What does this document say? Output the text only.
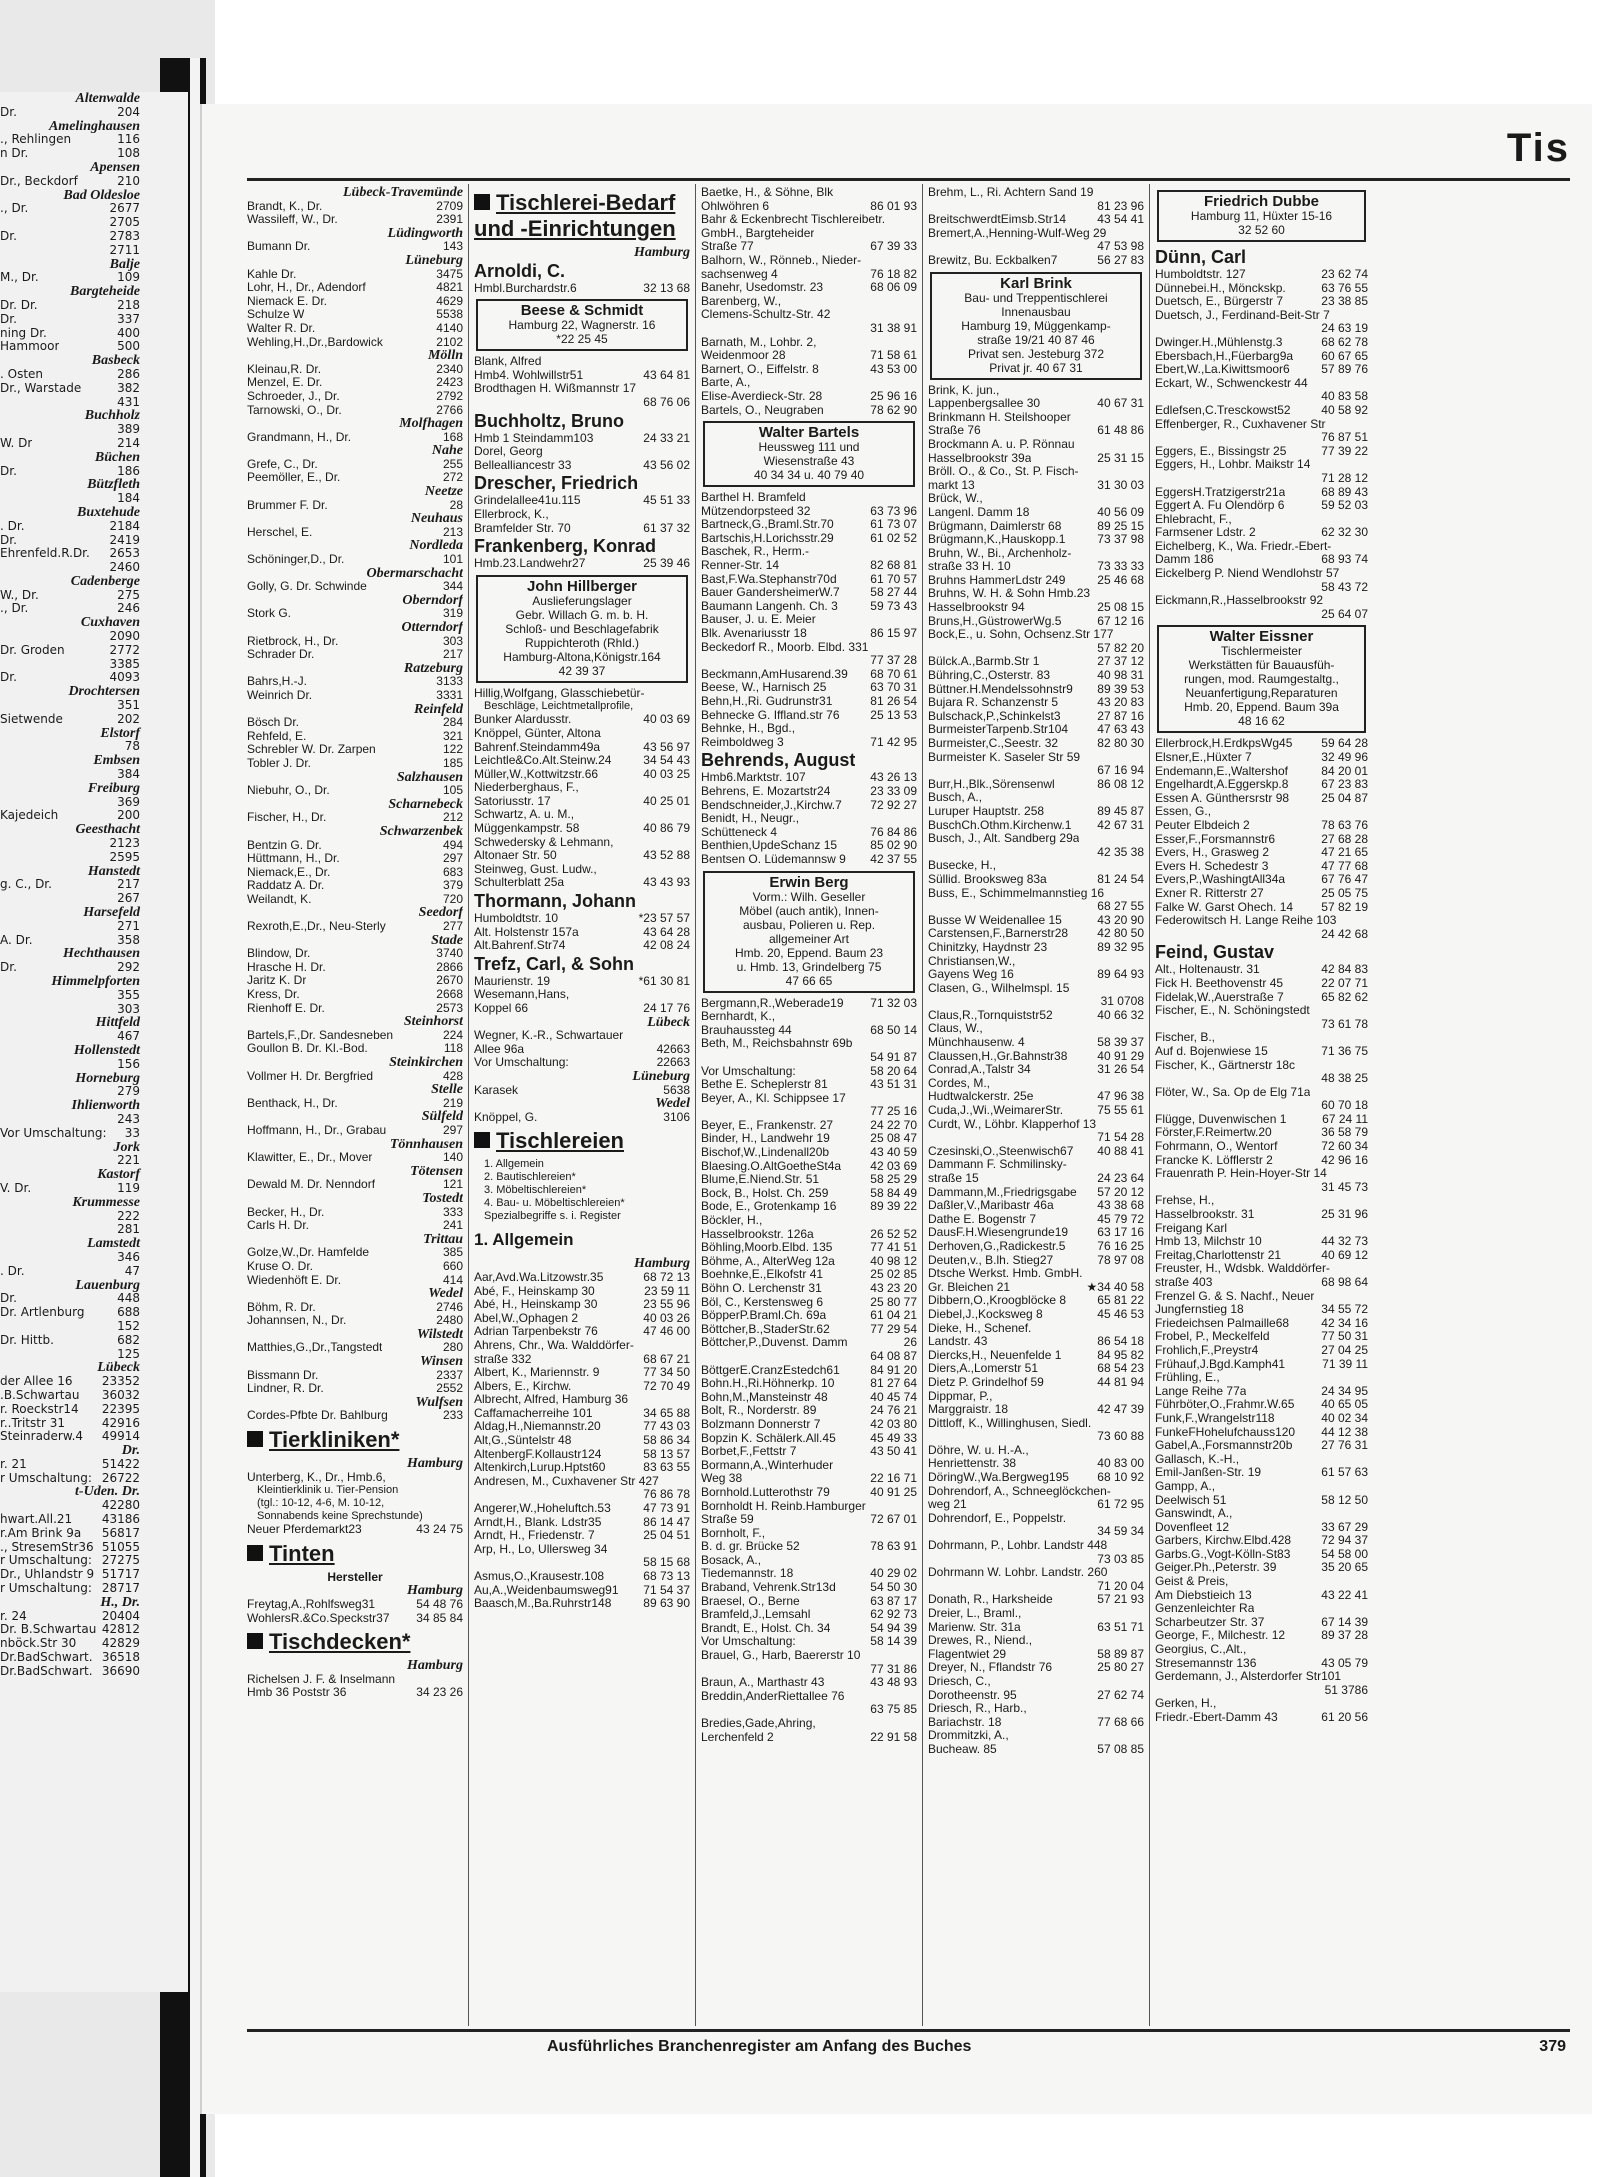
Altenwalde
Dr.	204
Amelinghausen
., Rehlingen	116
n Dr.	108
Apensen
Dr., Beckdorf	210
Bad Oldesloe
., Dr.	2677
2705
Dr.	2783
2711
Balje
M., Dr.	109
Bargteheide
Dr. Dr.	218
Dr.	337
ning Dr.	400
Hammoor	500
Basbeck
. Osten	286
Dr., Warstade	382
431
Buchholz
389
W. Dr	214
Büchen
Dr.	186
Bützfleth
184
Buxtehude
. Dr.	2184
Dr.	2419
Ehrenfeld.R.Dr.	2653
2460
Cadenberge
W., Dr.	275
., Dr.	246
Cuxhaven
2090
Dr. Groden	2772
3385
Dr.	4093
Drochtersen
351
Sietwende	202
Elstorf
78
Embsen
384
Freiburg
369
Kajedeich	200
Geesthacht
2123
2595
Hanstedt
g. C., Dr.	217
267
Harsefeld
271
A. Dr.	358
Hechthausen
Dr.	292
Himmelpforten
355
303
Hittfeld
467
Hollenstedt
156
Horneburg
279
Ihlienworth
243
Vor Umschaltung:	33
Jork
221
Kastorf
V. Dr.	119
Krummesse
222
281
Lamstedt
346
. Dr.	47
Lauenburg
Dr.	448
Dr. Artlenburg	688
152
Dr. Hittb.	682
125
Lübeck
der Allee 16	23352
.B.Schwartau	36032
r. Roeckstr14	22395
r..Tritstr 31	42916
Steinraderw.4	49914
Dr.
r. 21	51422
r Umschaltung: 26722
t-Uden. Dr.
42280
hwart.All.21	43186
r.Am Brink 9a	56817
., StresemStr36 51055
r Umschaltung: 27275
Dr., Uhlandstr 9 51717
r Umschaltung: 28717
H., Dr.
r. 24	20404
Dr. B.Schwartau 42812
nböck.Str 30	42829
Dr.BadSchwart. 36518
Dr.BadSchwart. 36690
Tis
Lübeck-Travemünde
Brandt, K., Dr.	2709
Wassileff, W., Dr.	2391
Lüdingworth
Bumann Dr.	143
Lüneburg
Kahle Dr.	3475
Lohr, H., Dr., Adendorf	4821
Niemack E. Dr.	4629
Schulze W	5538
Walter R. Dr.	4140
Wehling,H.,Dr.,Bardowick	2102
Mölln
Kleinau,R. Dr.	2340
Menzel, E. Dr.	2423
Schroeder, J., Dr.	2792
Tarnowski, O., Dr.	2766
Molfhagen
Grandmann, H., Dr.	168
Nahe
Grefe, C., Dr.	255
Peemöller, E., Dr.	272
Neetze
Brummer F. Dr.	28
Neuhaus
Herschel, E.	213
Nordleda
Schöninger,D., Dr.	101
Obermarschacht
Golly, G. Dr. Schwinde	344
Oberndorf
Stork G.	319
Otterndorf
Rietbrock, H., Dr.	303
Schrader Dr.	217
Ratzeburg
Bahrs,H.-J.	3133
Weinrich Dr.	3331
Reinfeld
Bösch Dr.	284
Rehfeld, E.	321
Schrebler W. Dr. Zarpen	122
Tobler J. Dr.	185
Salzhausen
Niebuhr, O., Dr.	105
Scharnebeck
Fischer, H., Dr.	212
Schwarzenbek
Bentzin G. Dr.	494
Hüttmann, H., Dr.	297
Niemack,E., Dr.	683
Raddatz A. Dr.	379
Weilandt, K.	720
Seedorf
Rexroth,E.,Dr., Neu-Sterly	277
Stade
Blindow, Dr.	3740
Hrasche H. Dr.	2866
Jaritz K. Dr	2670
Kress, Dr.	2668
Rienhoff E. Dr.	2573
Steinhorst
Bartels,F.,Dr. Sandesneben	224
Goullon B. Dr. Kl.-Bod.	118
Steinkirchen
Vollmer H. Dr. Bergfried	428
Stelle
Benthack, H., Dr.	219
Sülfeld
Hoffmann, H., Dr., Grabau	297
Tönnhausen
Klawitter, E., Dr., Mover	140
Tötensen
Dewald M. Dr. Nenndorf	121
Tostedt
Becker, H., Dr.	333
Carls H. Dr.	241
Trittau
Golze,W.,Dr. Hamfelde	385
Kruse O. Dr.	660
Wiedenhöft E. Dr.	414
Wedel
Böhm, R. Dr.	2746
Johannsen, N., Dr.	2480
Wilstedt
Matthies,G.,Dr.,Tangstedt	280
Winsen
Bissmann Dr.	2337
Lindner, R. Dr.	2552
Wulfsen
Cordes-Pfbte Dr. Bahlburg	233
Tierkliniken*
Hamburg
Unterberg, K., Dr., Hmb.6,
Kleintierklinik u. Tier-Pension
(tgl.: 10-12, 4-6, M. 10-12,
Sonnabends keine Sprechstunde)
Neuer Pferdemarkt23	43 24 75
Tinten
Hersteller
Hamburg
Freytag,A.,Rohlfsweg31	54 48 76
WohlersR.&Co.Speckstr37	34 85 84
Tischdecken*
Hamburg
Richelsen J. F. & Inselmann
Hmb 36 Poststr 36	34 23 26
Tischlerei-Bedarf und -Einrichtungen
Hamburg
Arnoldi, C.
Hmbl.Burchardstr.6	32 13 68
Beese & Schmidt
Hamburg 22, Wagnerstr. 16
*22 25 45
Blank, Alfred
Hmb4. Wohlwillstr51	43 64 81
Brodthagen H. Wißmannstr 17
68 76 06
Buchholtz, Bruno
Hmb 1 Steindamm103	24 33 21
Dorel, Georg
Bellealliancestr 33	43 56 02
Drescher, Friedrich
Grindelallee41u.115	45 51 33
Ellerbrock, K.,
Bramfelder Str. 70	61 37 32
Frankenberg, Konrad
Hmb.23.Landwehr27	25 39 46
John Hillberger
Auslieferungslager
Gebr. Willach G. m. b. H.
Schloß- und Beschlagefabrik
Ruppichteroth (Rhld.)
Hamburg-Altona,Königstr.164
42 39 37
Hillig,Wolfgang, Glasschiebetür-
Beschläge, Leichtmetallprofile,
Bunker Alardusstr.	40 03 69
Knöppel, Günter, Altona
Bahrenf.Steindamm49a	43 56 97
Leichtle&Co.Alt.Steinw.24	34 54 43
Müller,W.,Kottwitzstr.66	40 03 25
Niederberghaus, F.,
Satoriusstr. 17	40 25 01
Schwartz, A. u. M.,
Müggenkampstr. 58	40 86 79
Schwedersky & Lehmann,
Altonaer Str. 50	43 52 88
Steinweg, Gust. Ludw.,
Schulterblatt 25a	43 43 93
Thormann, Johann
Humboldtstr. 10	*23 57 57
Alt. Holstenstr 157a	43 64 28
Alt.Bahrenf.Str74	42 08 24
Trefz, Carl, & Sohn
Maurienstr. 19	*61 30 81
Wesemann,Hans,
Koppel 66	24 17 76
Lübeck
Wegner, K.-R., Schwartauer
Allee 96a	42663
Vor Umschaltung:	22663
Lüneburg
Karasek	5638
Wedel
Knöppel, G.	3106
Tischlereien
1. Allgemein
2. Bautischlereien*
3. Möbeltischlereien*
4. Bau- u. Möbeltischlereien*
Spezialbegriffe s. i. Register
1. Allgemein
Hamburg
Aar,Avd.Wa.Litzowstr.35	68 72 13
Abé, F., Heinskamp 30	23 59 11
Abé, H., Heinskamp 30	23 55 96
Abel,W.,Ophagen 2	40 03 26
Adrian Tarpenbekstr 76	47 46 00
Ahrens, Chr., Wa. Walddörfer-
straße 332	68 67 21
Albert, K., Mariennstr. 9	77 34 50
Albers, E., Kirchw.	72 70 49
Albrecht, Alfred, Hamburg 36
Caffamacherreihe 101	34 65 88
Aldag,H.,Niemannstr.20	77 43 03
Alt,G.,Süntelstr 48	58 86 34
AltenbergF.Kollaustr124	58 13 57
Altenkirch,Lurup.Hptst60	83 63 55
Andresen, M., Cuxhavener Str 427
76 86 78
Angerer,W.,Hoheluftch.53	47 73 91
Arndt,H., Blank. Ldstr35	86 14 47
Arndt, H., Friedenstr. 7	25 04 51
Arp, H., Lo, Ullersweg 34
58 15 68
Asmus,O.,Krausestr.108	68 73 13
Au,A.,Weidenbaumsweg91	71 54 37
Baasch,M.,Ba.Ruhrstr148	89 63 90
Baetke, H., & Söhne, Blk
Ohlwöhren 6	86 01 93
Bahr & Eckenbrecht Tischlereibetr.
GmbH., Bargteheider
Straße 77	67 39 33
Balhorn, W., Rönneb., Nieder-
sachsenweg 4	76 18 82
Banehr, Usedomstr. 23	68 06 09
Barenberg, W.,
Clemens-Schultz-Str. 42
31 38 91
Barnath, M., Lohbr. 2,
Weidenmoor 28	71 58 61
Barnert, O., Eiffelstr. 8	43 53 00
Barte, A.,
Elise-Averdieck-Str. 28	25 96 16
Bartels, O., Neugraben	78 62 90
Walter Bartels
Heussweg 111 und
Wiesenstraße 43
40 34 34 u. 40 79 40
Barthel H. Bramfeld
Mützendorpsteed 32	63 73 96
Bartneck,G.,Braml.Str.70	61 73 07
Bartschis,H.Lorichsstr.29	61 02 52
Baschek, R., Herm.-
Renner-Str. 14	82 68 81
Bast,F.Wa.Stephanstr70d	61 70 57
Bauer GandersheimerW.7	58 27 44
Baumann Langenh. Ch. 3	59 73 43
Bauser, J. u. E. Meier
Blk. Avenariusstr 18	86 15 97
Beckedorf R., Moorb. Elbd. 331
77 37 28
Beckmann,AmHusarend.39	68 70 61
Beese, W., Harnisch 25	63 70 31
Behn,H.,Ri. Gudrunstr31	81 26 54
Behnecke G. Iffland.str 76	25 13 53
Behnke, H., Bgd.,
Reimboldweg 3	71 42 95
Behrends, August
Hmb6.Marktstr. 107	43 26 13
Behrens, E. Mozartstr24	23 33 09
Bendschneider,J.,Kirchw.7	72 92 27
Benidt, H., Neugr.,
Schütteneck 4	76 84 86
Benthien,UpdeSchanz 15	85 02 90
Bentsen O. Lüdemannsw 9	42 37 55
Erwin Berg
Vorm.: Wilh. Geseller
Möbel (auch antik), Innen-
ausbau, Polieren u. Rep.
allgemeiner Art
Hmb. 20, Eppend. Baum 23
u. Hmb. 13, Grindelberg 75
47 66 65
Bergmann,R.,Weberade19	71 32 03
Bernhardt, K.,
Brauhaussteg 44	68 50 14
Beth, M., Reichsbahnstr 69b
54 91 87
Vor Umschaltung:	58 20 64
Bethe E. Scheplerstr 81	43 51 31
Beyer, A., Kl. Schippsee 17
77 25 16
Beyer, E., Frankenstr. 27	24 22 70
Binder, H., Landwehr 19	25 08 47
Bischof,W.,Lindenall20b	43 40 59
Blaesing.O.AltGoetheSt4a	42 03 69
Blume,E.Niend.Str. 51	58 25 29
Bock, B., Holst. Ch. 259	58 84 49
Bode, E., Grotenkamp 16	89 39 22
Böckler, H.,
Hasselbrookstr. 126a	26 52 52
Böhling,Moorb.Elbd. 135	77 41 51
Böhme, A., AlterWeg 12a	40 98 12
Boehnke,E.,Elkofstr 41	25 02 85
Böhn O. Lerchenstr 31	43 23 20
Böl, C., Kerstensweg 6	25 80 77
BöpperP.Braml.Ch. 69a	61 04 21
Böttcher,B.,StaderStr.62	77 29 54
Böttcher,P.,Duvenst. Damm	26
64 08 87
BöttgerE.CranzEstedch61	84 91 20
Bohn.H.,Ri.Höhnerkp. 10	81 27 64
Bohn,M.,Mansteinstr 48	40 45 74
Bolt, R., Norderstr. 89	24 76 21
Bolzmann Donnerstr 7	42 03 80
Bopzin K. Schälerk.All.45	45 49 33
Borbet,F.,Fettstr 7	43 50 41
Bormann,A.,Winterhuder
Weg 38	22 16 71
Bornhold.Lutterothstr 79	40 91 25
Bornholdt H. Reinb.Hamburger
Straße 59	72 67 01
Bornholt, F.,
B. d. gr. Brücke 52	78 63 91
Bosack, A.,
Tiedemannstr. 18	40 29 02
Braband, Vehrenk.Str13d	54 50 30
Braesel, O., Berne	63 87 17
Bramfeld,J.,Lemsahl	62 92 73
Brandt, E., Holst. Ch. 34	54 94 39
Vor Umschaltung:	58 14 39
Brauel, G., Harb, Baererstr 10
77 31 86
Braun, A., Marthastr 43	43 48 93
Breddin,AnderRiettallee 76
63 75 85
Bredies,Gade,Ahring,
Lerchenfeld 2	22 91 58
Brehm, L., Ri. Achtern Sand 19
81 23 96
BreitschwerdtEimsb.Str14	43 54 41
Bremert,A.,Henning-Wulf-Weg 29
47 53 98
Brewitz, Bu. Eckbalken7	56 27 83
Karl Brink
Bau- und Treppentischlerei
Innenausbau
Hamburg 19, Müggenkamp-
straße 19/21 40 87 46
Privat sen. Jesteburg 372
Privat jr. 40 67 31
Brink, K. jun.,
Lappenbergsallee 30	40 67 31
Brinkmann H. Steilshooper
Straße 76	61 48 86
Brockmann A. u. P. Rönnau
Hasselbrookstr 39a	25 31 15
Bröll. O., & Co., St. P. Fisch-
markt 13	31 30 03
Brück, W.,
Langenl. Damm 18	40 56 09
Brügmann, Daimlerstr 68	89 25 15
Brügmann,K.,Hauskopp.1	73 37 98
Bruhn, W., Bi., Archenholz-
straße 33 H. 10	73 33 33
Bruhns HammerLdstr 249	25 46 68
Bruhns, W. H. & Sohn Hmb.23
Hasselbrookstr 94	25 08 15
Bruns,H.,GüstrowerWg.5	67 12 16
Bock,E., u. Sohn, Ochsenz.Str 177
57 82 20
Bülck.A.,Barmb.Str 1	27 37 12
Bühring,C.,Osterstr. 83	40 98 31
Büttner.H.Mendelssohnstr9	89 39 53
Bujara R. Schanzenstr 5	43 20 83
Bulschack,P.,Schinkelst3	27 87 16
BurmeisterTarpenb.Str104	47 63 43
Burmeister,C.,Seestr. 32	82 80 30
Burmeister K. Saseler Str 59
67 16 94
Burr,H.,Blk.,Sörensenwl	86 08 12
Busch, A.,
Luruper Hauptstr. 258	89 45 87
BuschCh.Othm.Kirchenw.1	42 67 31
Busch, J., Alt. Sandberg 29a
42 35 38
Busecke, H.,
Süllid. Brooksweg 83a	81 24 54
Buss, E., Schimmelmannstieg 16
68 27 55
Busse W Weidenallee 15	43 20 90
Carstensen,F.,Barnerstr28	42 80 50
Chinitzky, Haydnstr 23	89 32 95
Christiansen,W.,
Gayens Weg 16	89 64 93
Clasen, G., Wilhelmspl. 15
31 0708
Claus,R.,Tornquiststr52	40 66 32
Claus, W.,
Münchhausenw. 4	58 39 37
Claussen,H.,Gr.Bahnstr38	40 91 29
Conrad,A.,Talstr 34	31 26 54
Cordes, M.,
Hudtwalckerstr. 25e	47 96 38
Cuda,J.,Wi.,WeimarerStr.	75 55 61
Curdt, W., Löhbr. Klapperhof 13
71 54 28
Czesinski,O.,Steenwisch67	40 88 41
Dammann F. Schmilinsky-
straße 15	24 23 64
Dammann,M.,Friedrigsgabe	57 20 12
Daßler,V.,Maribastr 46a	43 38 68
Dathe E. Bogenstr 7	45 79 72
DausF.H.Wiesengrunde19	63 17 16
Derhoven,G.,Radickestr.5	76 16 25
Deuten,v., B.lh. Stieg27	78 97 08
Dtsche Werkst. Hmb. GmbH.
Gr. Bleichen 21	★34 40 58
Dibbern,O.,Kroogblöcke 8	65 81 22
Diebel,J.,Kocksweg 8	45 46 53
Dieke, H., Schenef.
Landstr. 43	86 54 18
Diercks,H., Neuenfelde 1	84 95 82
Diers,A.,Lomerstr 51	68 54 23
Dietz P. Grindelhof 59	44 81 94
Dippmar, P.,
Marggraistr. 18	42 47 39
Dittloff, K., Willinghusen, Siedl.
73 60 88
Döhre, W. u. H.-A.,
Henriettenstr. 38	40 83 00
DöringW.,Wa.Bergweg195	68 10 92
Dohrendorf, A., Schneeglöckchen-
weg 21	61 72 95
Dohrendorf, E., Poppelstr.
34 59 34
Dohrmann, P., Lohbr. Landstr 448
73 03 85
Dohrmann W. Lohbr. Landstr. 260
71 20 04
Donath, R., Harksheide	57 21 93
Dreier, L., Braml.,
Marienw. Str. 31a	63 51 71
Drewes, R., Niend.,
Flagentwiet 29	58 89 87
Dreyer, N., Fflandstr 76	25 80 27
Driesch, C.,
Dorotheenstr. 95	27 62 74
Driesch, R., Harb.,
Bariachstr. 18	77 68 66
Drommitzki, A.,
Bucheaw. 85	57 08 85
Friedrich Dubbe
Hamburg 11, Hüxter 15-16
32 52 60
Dünn, Carl
Humboldtstr. 127	23 62 74
Dünnebei.H., Mönckskp.	63 76 55
Duetsch, E., Bürgerstr 7	23 38 85
Duetsch, J., Ferdinand-Beit-Str 7
24 63 19
Dwinger.H.,Mühlenstg.3	68 62 78
Ebersbach,H.,Füerbarg9a	60 67 65
Ebert,W.,La.Kiwittsmoor6	57 89 76
Eckart, W., Schwenckestr 44
40 83 58
Edlefsen,C.Tresckowst52	40 58 92
Effenberger, R., Cuxhavener Str
76 87 51
Eggers, E., Bissingstr 25	77 39 22
Eggers, H., Lohbr. Maikstr 14
71 28 12
EggersH.Tratzigerstr21a	68 89 43
Eggert A. Fu Olendörp 6	59 52 03
Ehlebracht, F.,
Farmsener Ldstr. 2	62 32 30
Eichelberg, K., Wa. Friedr.-Ebert-
Damm 186	68 93 74
Eickelberg P. Niend Wendlohstr 57
58 43 72
Eickmann,R.,Hasselbrookstr 92
25 64 07
Walter Eissner
Tischlermeister
Werkstätten für Bauausfüh-
rungen, mod. Raumgestaltg.,
Neuanfertigung,Reparaturen
Hmb. 20, Eppend. Baum 39a
48 16 62
Ellerbrock,H.ErdkpsWg45	59 64 28
Elsner,E.,Hüxter 7	32 49 96
Endemann,E.,Waltershof	84 20 01
Engelhardt,A.Eggerskp.8	67 23 83
Essen A. Günthersrstr 98	25 04 87
Essen, G.,
Peuter Elbdeich 2	78 63 76
Esser,F.,Forsmannstr6	27 68 28
Evers, H., Grasweg 2	47 21 65
Evers H. Schedestr 3	47 77 68
Evers,P.,WashingtAll34a	67 76 47
Exner R. Ritterstr 27	25 05 75
Falke W. Garst Ohech. 14	57 82 19
Federowitsch H. Lange Reihe 103
24 42 68
Feind, Gustav
Alt., Holtenaustr. 31	42 84 83
Fick H. Beethovenstr 45	22 07 71
Fidelak,W.,Auerstraße 7	65 82 62
Fischer, E., N. Schöningstedt
73 61 78
Fischer, B.,
Auf d. Bojenwiese 15	71 36 75
Fischer, K., Gärtnerstr 18c
48 38 25
Flöter, W., Sa. Op de Elg 71a
60 70 18
Flügge, Duvenwischen 1	67 24 11
Förster,F.Reimertw.20	36 58 79
Fohrmann, O., Wentorf	72 60 34
Francke K. Löfflerstr 2	42 96 16
Frauenrath P. Hein-Hoyer-Str 14
31 45 73
Frehse, H.,
Hasselbrookstr. 31	25 31 96
Freigang Karl
Hmb 13, Milchstr 10	44 32 73
Freitag,Charlottenstr 21	40 69 12
Freuster, H., Wdsbk. Walddörfer-
straße 403	68 98 64
Frenzel G. & S. Nachf., Neuer
Jungfernstieg 18	34 55 72
Friedeichsen Palmaille68	42 34 16
Frobel, P., Meckelfeld	77 50 31
Frohlich,F.,Preystr4	27 04 25
Frühauf,J.Bgd.Kamph41	71 39 11
Frühling, E.,
Lange Reihe 77a	24 34 95
Führböter,O.,Frahmr.W.65	40 65 05
Funk,F.,Wrangelstr118	40 02 34
FunkeFHohelufchauss120	44 12 38
Gabel,A.,Forsmannstr20b	27 76 31
Gallasch, K.-H.,
Emil-Janßen-Str. 19	61 57 63
Gampp, A.,
Deelwisch 51	58 12 50
Ganswindt, A.,
Dovenfleet 12	33 67 29
Garbers, Kirchw.Elbd.428	72 94 37
Garbs.G.,Vogt-Kölln-St83	54 58 00
Geiger.Ph.,Peterstr. 39	35 20 65
Geist & Preis,
Am Diebstieich 13	43 22 41
Genzenleichter Ra
Scharbeutzer Str. 37	67 14 39
George, F., Milchestr. 12	89 37 28
Georgius, C.,Alt.,
Stresemannstr 136	43 05 79
Gerdemann, J., Alsterdorfer Str101
51 3786
Gerken, H.,
Friedr.-Ebert-Damm 43	61 20 56
Ausführliches Branchenregister am Anfang des Buches	379
